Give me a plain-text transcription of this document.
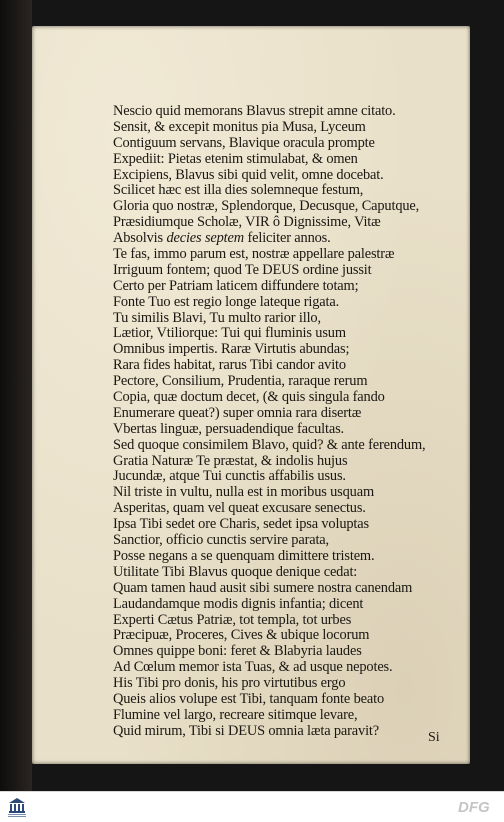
Nescio quid memorans Blavus strepit amne citato.
Sensit, & excepit monitus pia Musa, Lyceum
Contiguum servans, Blavique oracula prompte
Expediit: Pietas etenim stimulabat, & omen
Excipiens, Blavus sibi quid velit, omne docebat.
Scilicet hæc est illa dies solemneque festum,
Gloria quo nostræ, Splendorque, Decusque, Caputque,
Præsidiumque Scholæ, VIR ô Dignissime, Vitæ
Absolvis decies septem feliciter annos.
Te fas, immo parum est, nostræ appellare palestræ
Irriguum fontem; quod Te DEUS ordine jussit
Certo per Patriam laticem diffundere totam;
Fonte Tuo est regio longe lateque rigata.
Tu similis Blavi, Tu multo rarior illo,
Lætior, Vtiliorque: Tui qui fluminis usum
Omnibus impertis. Raræ Virtutis abundas;
Rara fides habitat, rarus Tibi candor avito
Pectore, Consilium, Prudentia, raraque rerum
Copia, quæ doctum decet, (& quis singula fando
Enumerare queat?) super omnia rara disertæ
Vbertas linguæ, persuadendique facultas.
Sed quoque consimilem Blavo, quid? & ante ferendum,
Gratia Naturæ Te præstat, & indolis hujus
Jucundæ, atque Tui cunctis affabilis usus.
Nil triste in vultu, nulla est in moribus usquam
Asperitas, quam vel queat excusare senectus.
Ipsa Tibi sedet ore Charis, sedet ipsa voluptas
Sanctior, officio cunctis servire parata,
Posse negans a se quenquam dimittere tristem.
Utilitate Tibi Blavus quoque denique cedat:
Quam tamen haud ausit sibi sumere nostra canendam
Laudandamque modis dignis infantia; dicent
Experti Cætus Patriæ, tot templa, tot urbes
Præcipuæ, Proceres, Cives & ubique locorum
Omnes quippe boni: feret & Blabyria laudes
Ad Cœlum memor ista Tuas, & ad usque nepotes.
His Tibi pro donis, his pro virtutibus ergo
Queis alios volupe est Tibi, tanquam fonte beato
Flumine vel largo, recreare sitimque levare,
Quid mirum, Tibi si DEUS omnia læta paravit?	Si
DFG
